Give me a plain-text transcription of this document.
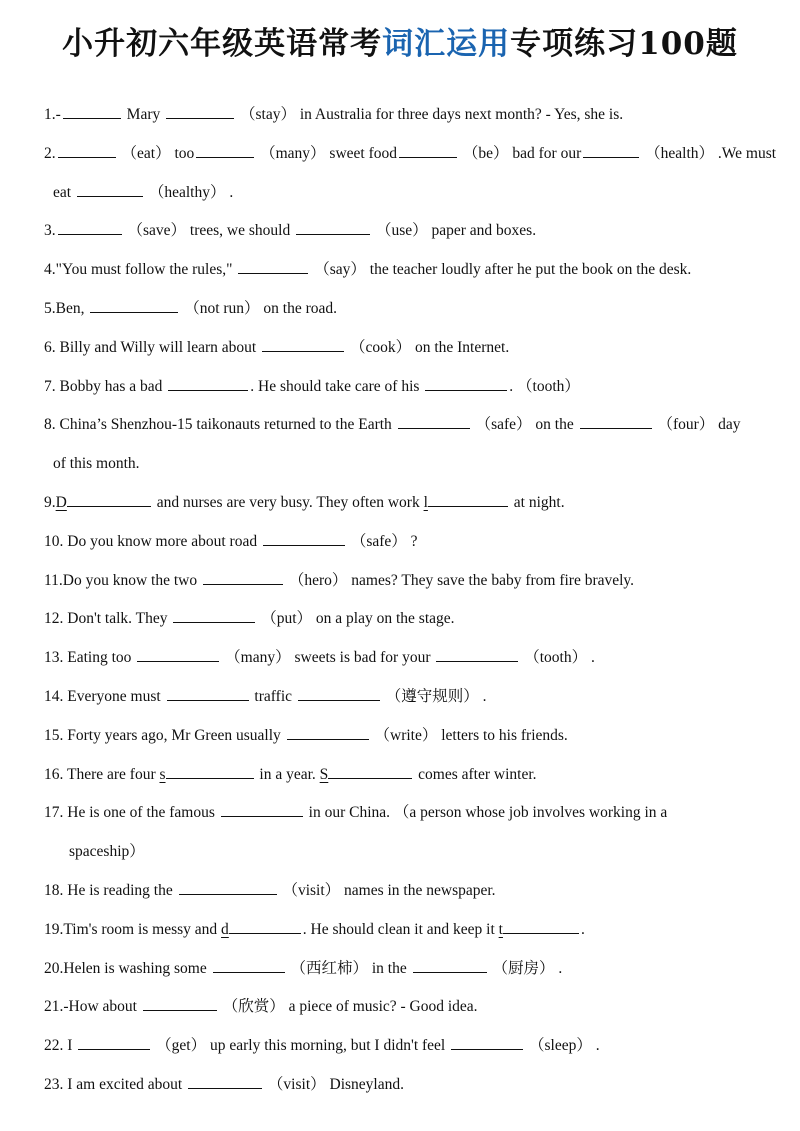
小升初六年级英语常考词汇运用专项练习100题
1.-	Mary	（stay） in Australia for three days next month? - Yes, she is.
2.	（eat） too	（many） sweet food	（be） bad for our	（health） .We must
eat	（healthy） .
3.	（save） trees, we should	（use） paper and boxes.
4."You must follow the rules,"	（say） the teacher loudly after he put the book on the desk.
5.Ben,	（not run） on the road.
6. Billy and Willy will learn about	（cook） on the Internet.
7. Bobby has a bad	. He should take care of his	. （tooth）
8. China’s Shenzhou-15 taikonauts returned to the Earth	（safe） on the	（four） day
of this month.
9.D	and nurses are very busy. They often work l	at night.
10. Do you know more about road	（safe） ?
11.Do you know the two	（hero） names? They save the baby from fire bravely.
12. Don't talk. They	（put） on a play on the stage.
13. Eating too	（many） sweets is bad for your	（tooth） .
14. Everyone must	traffic	（遵守规则） .
15. Forty years ago, Mr Green usually	（write） letters to his friends.
16. There are four s	in a year. S	comes after winter.
17. He is one of the famous	in our China. （a person whose job involves working in a
spaceship）
18. He is reading the	（visit） names in the newspaper.
19.Tim's room is messy and d	. He should clean it and keep it t	.
20.Helen is washing some	（西红柿） in the	（厨房） .
21.-How about	（欣赏） a piece of music? - Good idea.
22. I	（get） up early this morning, but I didn't feel	（sleep） .
23. I am excited about	（visit） Disneyland.
